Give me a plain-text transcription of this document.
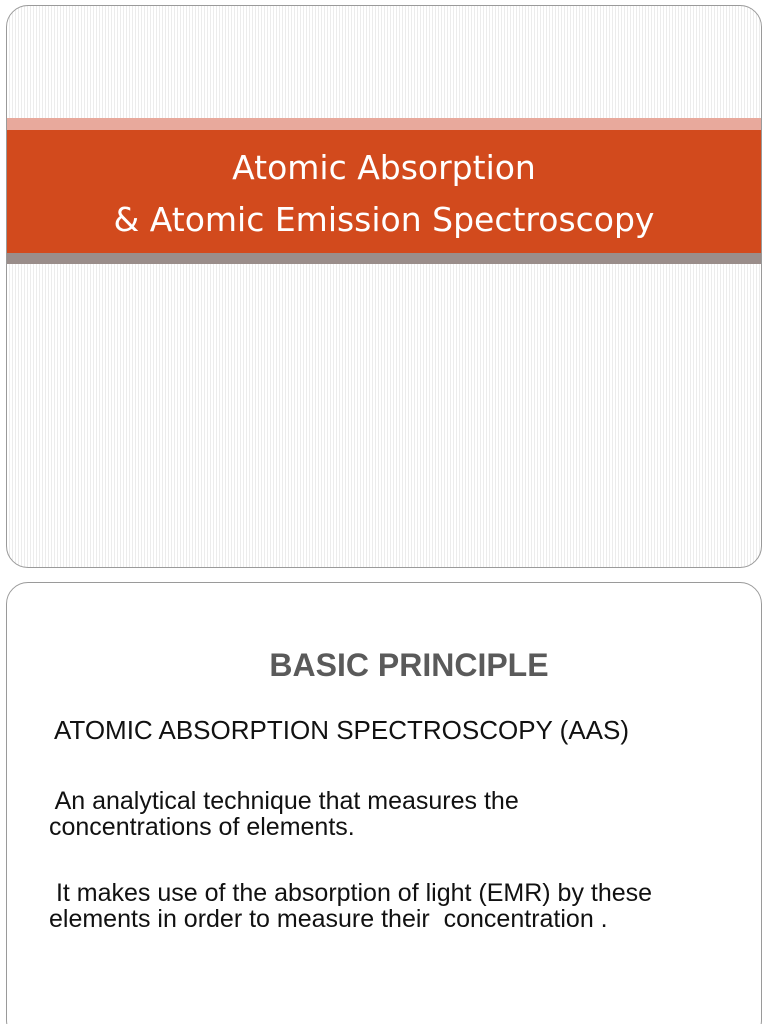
Atomic Absorption
& Atomic Emission Spectroscopy
BASIC PRINCIPLE
ATOMIC ABSORPTION SPECTROSCOPY (AAS)
An analytical technique that measures the
concentrations of elements.
It makes use of the absorption of light (EMR) by these
elements in order to measure their  concentration .
